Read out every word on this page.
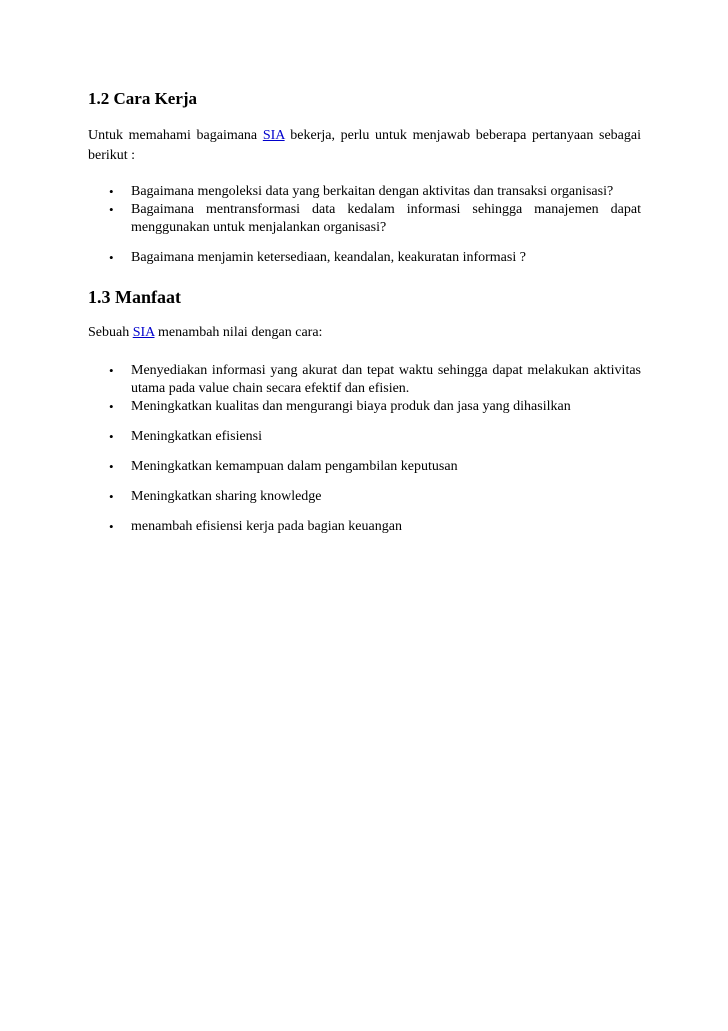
1.2 Cara Kerja

Untuk memahami bagaimana SIA bekerja, perlu untuk menjawab beberapa pertanyaan sebagai berikut :

• Bagaimana mengoleksi data yang berkaitan dengan aktivitas dan transaksi organisasi?
• Bagaimana mentransformasi data kedalam informasi sehingga manajemen dapat menggunakan untuk menjalankan organisasi?
• Bagaimana menjamin ketersediaan, keandalan, keakuratan informasi ?
1.3 Manfaat

Sebuah SIA menambah nilai dengan cara:

• Menyediakan informasi yang akurat dan tepat waktu sehingga dapat melakukan aktivitas utama pada value chain secara efektif dan efisien.
• Meningkatkan kualitas dan mengurangi biaya produk dan jasa yang dihasilkan
• Meningkatkan efisiensi
• Meningkatkan kemampuan dalam pengambilan keputusan
• Meningkatkan sharing knowledge
• menambah efisiensi kerja pada bagian keuangan
